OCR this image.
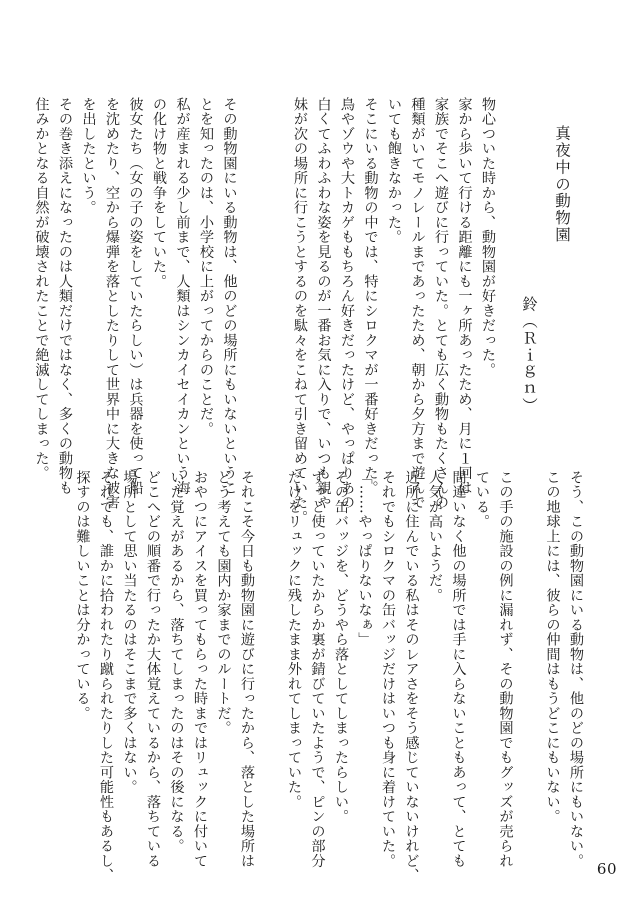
真夜中の動物園
鈴（Ｒｉｇｎ）
物心ついた時から、動物園が好きだった。
家から歩いて行ける距離にも一ヶ所あったため、月に１回は
家族でそこへ遊びに行っていた。とても広く動物もたくさんの
種類がいてモノレールまであったため、朝から夕方まで遊んで
いても飽きなかった。
そこにいる動物の中では、特にシロクマが一番好きだった。
鳥やゾウや大トカゲももちろん好きだったけど、やっぱりあの
白くてふわふわな姿を見るのが一番お気に入りで、いつも親や
妹が次の場所に行こうとするのを駄々をこねて引き留めていた。

その動物園にいる動物は、他のどの場所にもいないというこ
とを知ったのは、小学校に上がってからのことだ。
私が産まれる少し前まで、人類はシンカイセイカンという海
の化け物と戦争をしていた。
彼女たち（女の子の姿をしていたらしい）は兵器を使って船
を沈めたり、空から爆弾を落としたりして世界中に大きな被害
を出したという。
その巻き添えになったのは人類だけではなく、多くの動物も
住みかとなる自然が破壊されたことで絶滅してしまった。
そう、この動物園にいる動物は、他のどの場所にもいない。
この地球上には、彼らの仲間はもうどこにもいない。

この手の施設の例に漏れず、その動物園でもグッズが売られ
ている。
間違いなく他の場所では手に入らないこともあって、とても
人気が高いようだ。
近所に住んでいる私はそのレアさをそう感じていないけれど、
それでもシロクマの缶バッジだけはいつも身に着けていた。
「……やっぱりないなぁ」
その缶バッジを、どうやら落としてしまったらしい。
ずっと使っていたからか裏が錆びていたようで、ピンの部分
だけをリュックに残したまま外れてしまっていた。

それこそ今日も動物園に遊びに行ったから、落とした場所は
どう考えても園内か家までのルートだ。
おやつにアイスを買ってもらった時まではリュックに付いて
いた覚えがあるから、落ちてしまったのはその後になる。
どこへどの順番で行ったか大体覚えているから、落ちている
場所として思い当たるのはそこまで多くはない。
それでも、誰かに拾われたり蹴られたりした可能性もあるし、
探すのは難しいことは分かっている。
60
